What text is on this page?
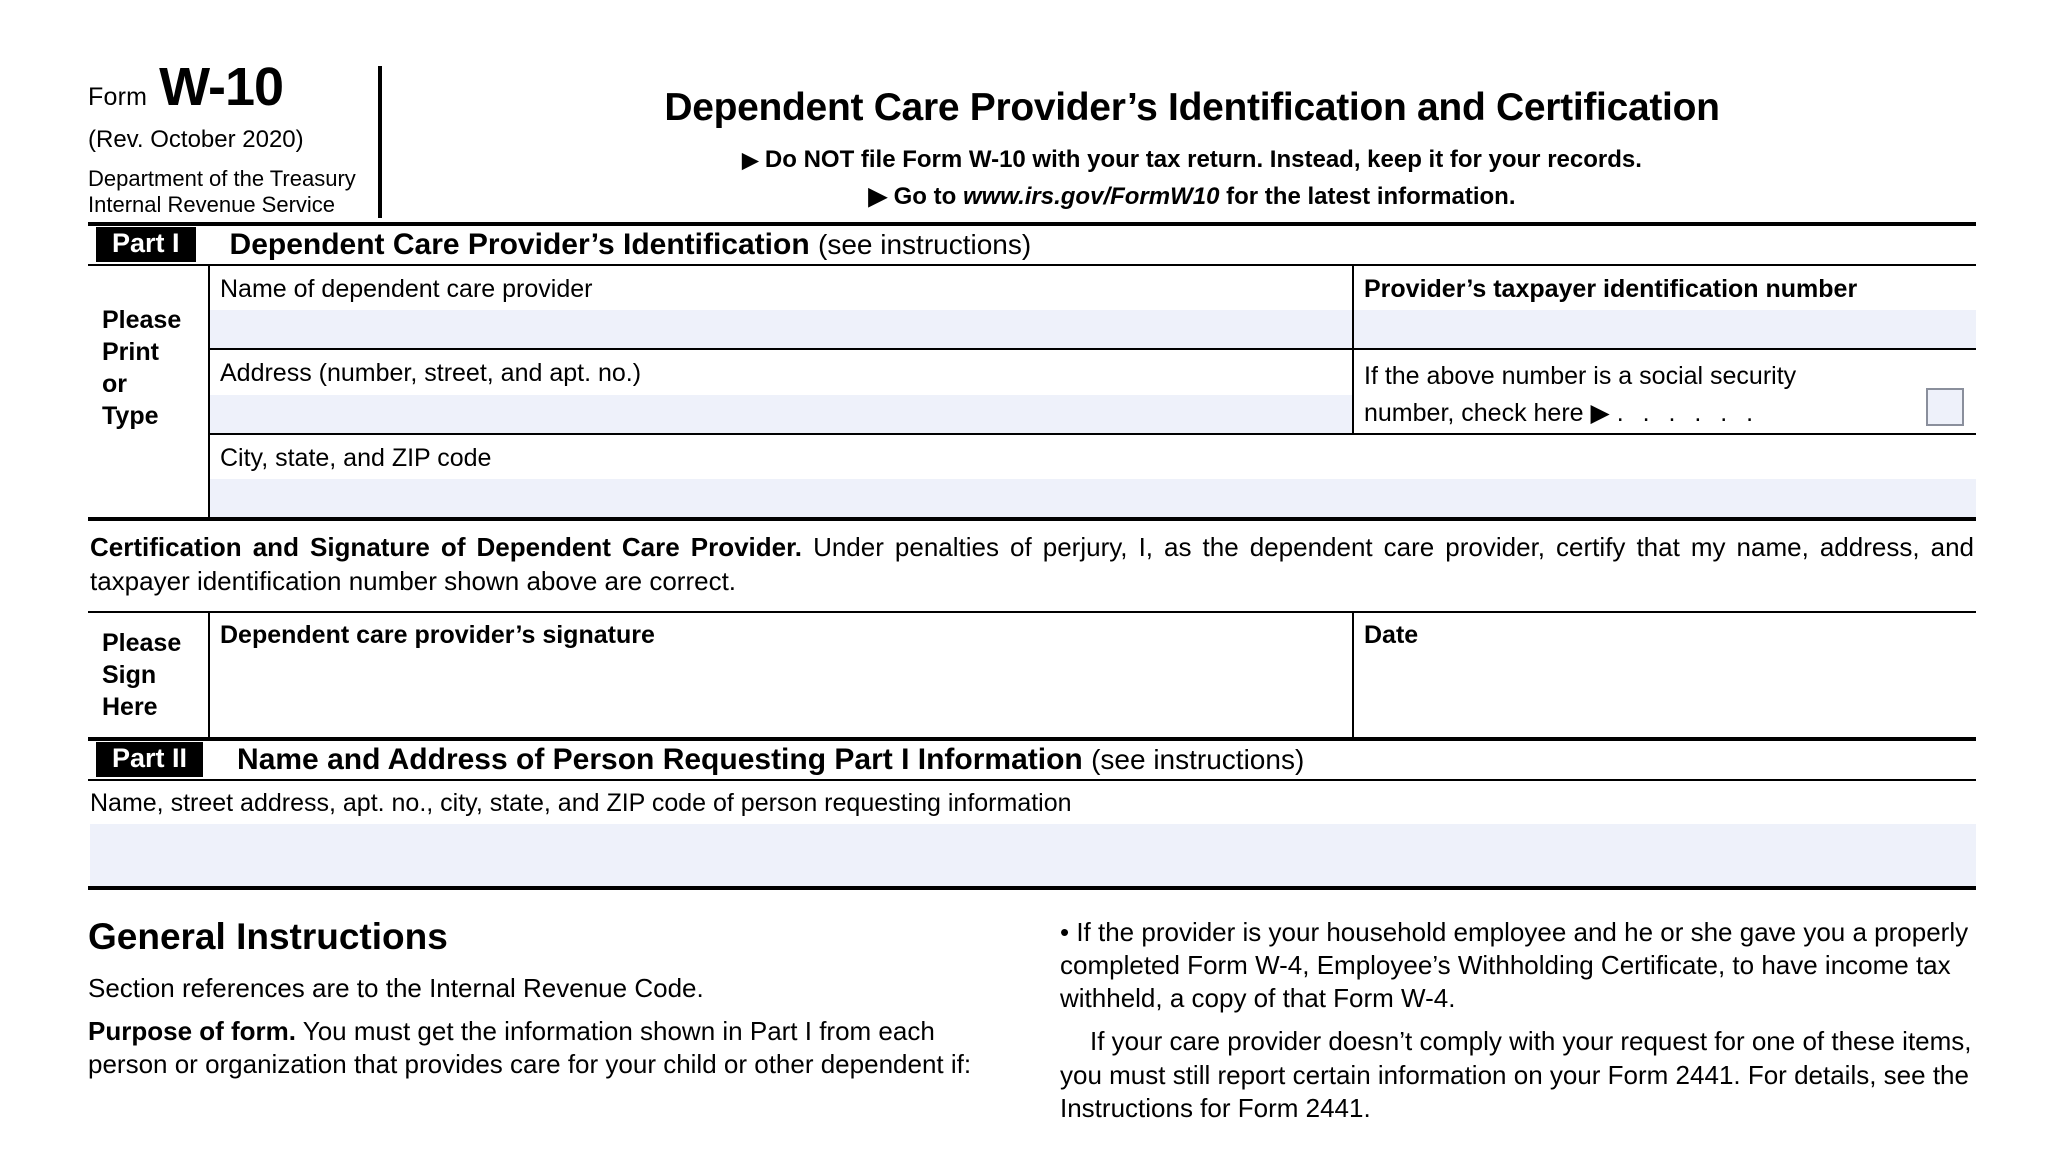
Form W-10
(Rev. October 2020)
Department of the Treasury
Internal Revenue Service
Dependent Care Provider’s Identification and Certification
▶ Do NOT file Form W-10 with your tax return. Instead, keep it for your records.
▶ Go to www.irs.gov/FormW10 for the latest information.
Part I	Dependent Care Provider’s Identification (see instructions)
Please
Print
or
Type
Name of dependent care provider	Provider’s taxpayer identification number
Address (number, street, and apt. no.)	If the above number is a social security
number, check here ▶ . . . . . .
City, state, and ZIP code
Certification and Signature of Dependent Care Provider. Under penalties of perjury, I, as the dependent care provider, certify that my name, address, and taxpayer identification number shown above are correct.
Please
Sign
Here
Dependent care provider’s signature	Date
Part II	Name and Address of Person Requesting Part I Information (see instructions)
Name, street address, apt. no., city, state, and ZIP code of person requesting information
General Instructions
Section references are to the Internal Revenue Code.
Purpose of form. You must get the information shown in Part I from each person or organization that provides care for your child or other dependent if:
• If the provider is your household employee and he or she gave you a properly completed Form W-4, Employee’s Withholding Certificate, to have income tax withheld, a copy of that Form W-4.
If your care provider doesn’t comply with your request for one of these items, you must still report certain information on your Form 2441. For details, see the Instructions for Form 2441.
